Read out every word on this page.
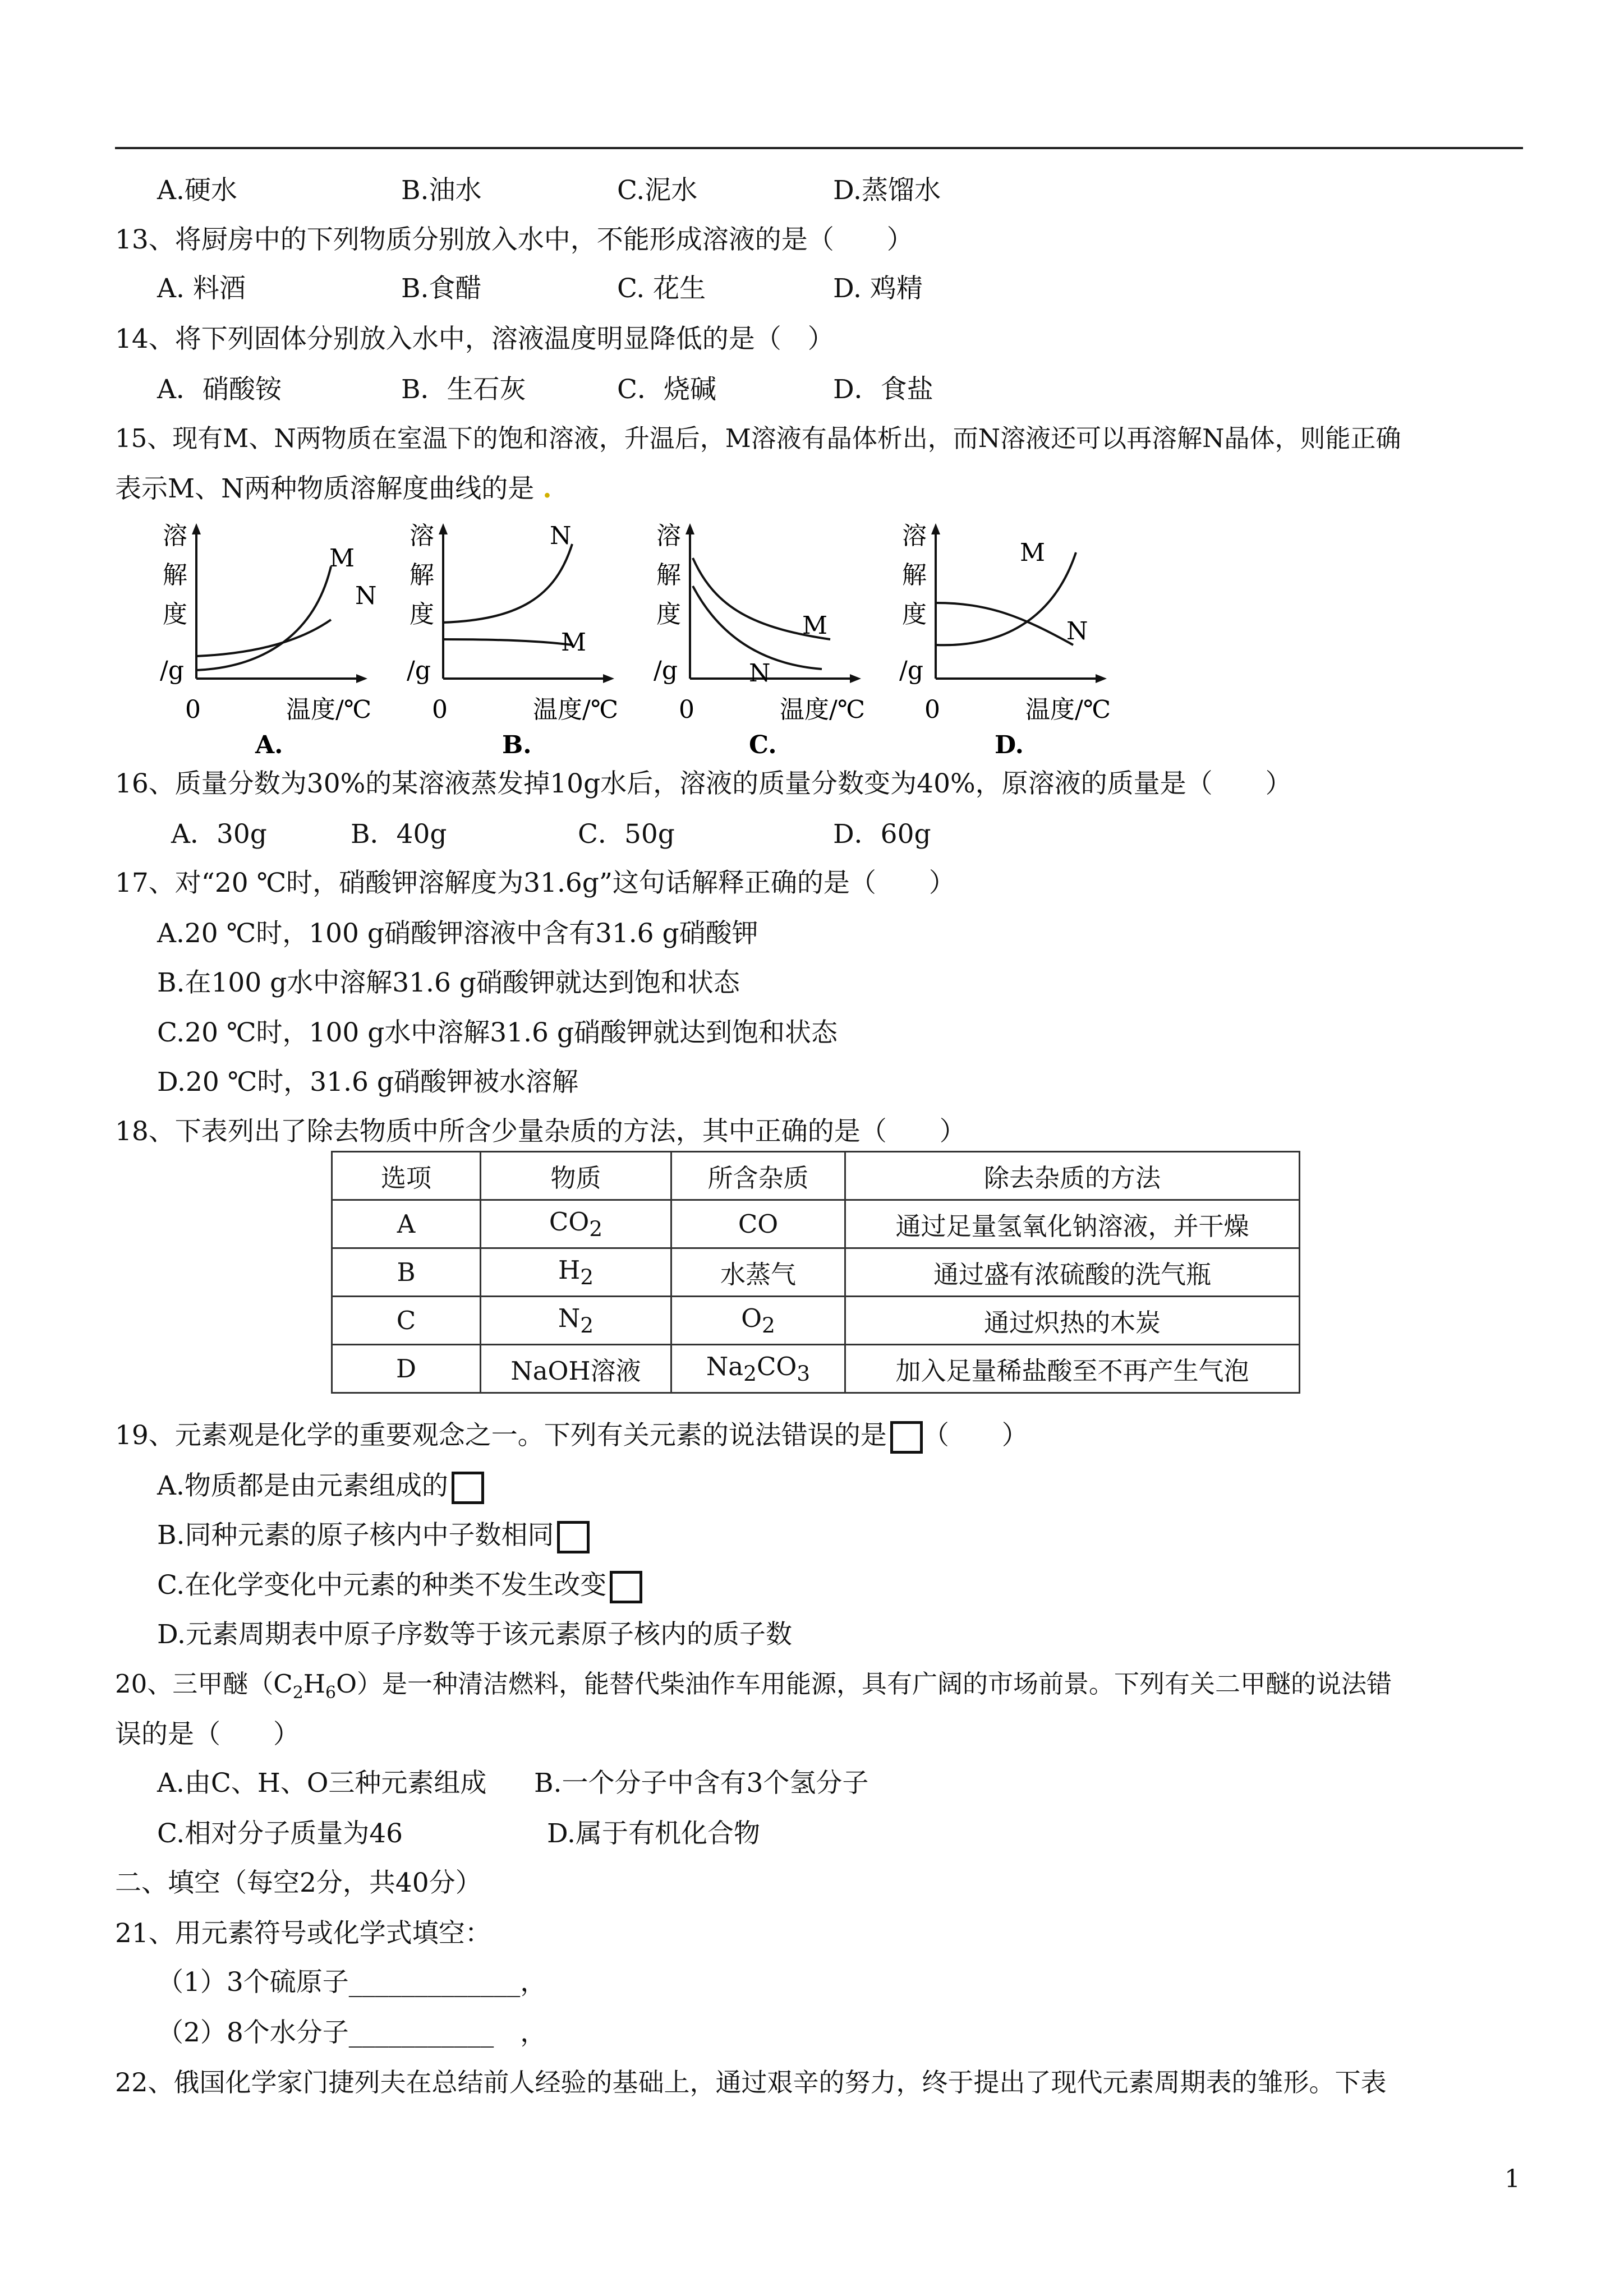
A.硬水	B.油水	C.泥水	D.蒸馏水
13、将厨房中的下列物质分别放入水中，不能形成溶液的是（　　）
A. 料酒	B.食醋	C. 花生	D. 鸡精
14、将下列固体分别放入水中，溶液温度明显降低的是（　）
A．硝酸铵	B．生石灰	C．烧碱	D．食盐
15、现有M、N两物质在室温下的饱和溶液，升温后，M溶液有晶体析出，而N溶液还可以再溶解N晶体，则能正确
表示M、N两种物质溶解度曲线的是 .
溶
解
度
/g
M
N
0	温度/℃
A.
溶
解
度
/g
N
M
0	温度/℃
B.
溶
解
度
/g
M
N
0	温度/℃
C.
溶
解
度
/g
M
N
0	温度/℃
D.
16、质量分数为30%的某溶液蒸发掉10g水后，溶液的质量分数变为40%，原溶液的质量是（　　）
A．30g	B．40g	C．50g	D．60g
17、对“20 ℃时，硝酸钾溶解度为31.6g”这句话解释正确的是（　　）
A.20 ℃时，100 g硝酸钾溶液中含有31.6 g硝酸钾
B.在100 g水中溶解31.6 g硝酸钾就达到饱和状态
C.20 ℃时，100 g水中溶解31.6 g硝酸钾就达到饱和状态
D.20 ℃时，31.6 g硝酸钾被水溶解
18、下表列出了除去物质中所含少量杂质的方法，其中正确的是（　　）
选项	物质	所含杂质	除去杂质的方法
A	$CO_2$	CO	通过足量氢氧化钠溶液，并干燥
B	$H_2$	水蒸气	通过盛有浓硫酸的洗气瓶
C	$N_2$	$O_2$	通过炽热的木炭
D	NaOH溶液	$Na_2CO_3$	加入足量稀盐酸至不再产生气泡
19、元素观是化学的重要观念之一。下列有关元素的说法错误的是 （　　）
A.物质都是由元素组成的
B.同种元素的原子核内中子数相同
C.在化学变化中元素的种类不发生改变
D.元素周期表中原子序数等于该元素原子核内的质子数
20、三甲醚$(C_2H_6O)$是一种清洁燃料，能替代柴油作车用能源，具有广阔的市场前景。下列有关二甲醚的说法错
误的是（　　）
A.由C、H、O三种元素组成 B.一个分子中含有3个氢分子
C.相对分子质量为46	D.属于有机化合物
二、填空（每空2分，共40分）
21、用元素符号或化学式填空：
（1）3个硫原子_____________，
（2）8个水分子___________　，
22、俄国化学家门捷列夫在总结前人经验的基础上，通过艰辛的努力，终于提出了现代元素周期表的雏形。下表
1
